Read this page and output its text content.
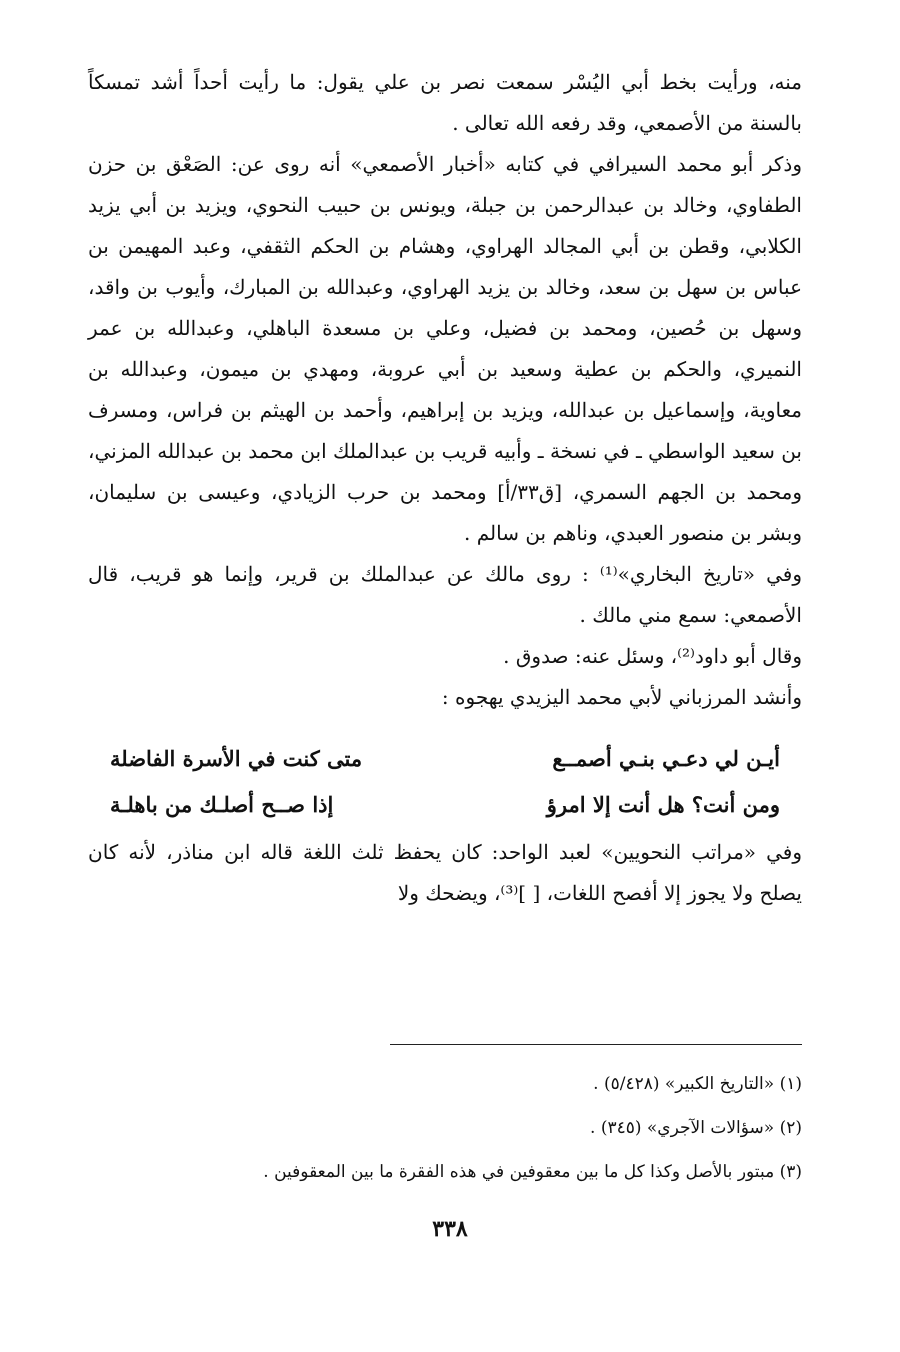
منه، ورأيت بخط أبي اليُسْر سمعت نصر بن علي يقول: ما رأيت أحداً أشد تمسكاً بالسنة من الأصمعي، وقد رفعه الله تعالى .

وذكر أبو محمد السيرافي في كتابه «أخبار الأصمعي» أنه روى عن: الصَعْق بن حزن الطفاوي، وخالد بن عبدالرحمن بن جبلة، ويونس بن حبيب النحوي، ويزيد بن أبي يزيد الكلابي، وقطن بن أبي المجالد الهراوي، وهشام بن الحكم الثقفي، وعبد المهيمن بن عباس بن سهل بن سعد، وخالد بن يزيد الهراوي، وعبدالله بن المبارك، وأيوب بن واقد، وسهل بن حُصين، ومحمد بن فضيل، وعلي بن مسعدة الباهلي، وعبدالله بن عمر النميري، والحكم بن عطية وسعيد بن أبي عروبة، ومهدي بن ميمون، وعبدالله بن معاوية، وإسماعيل بن عبدالله، ويزيد بن إبراهيم، وأحمد بن الهيثم بن فراس، ومسرف بن سعيد الواسطي ـ في نسخة ـ وأبيه قريب بن عبدالملك ابن محمد بن عبدالله المزني، ومحمد بن الجهم السمري، [ق٣٣/أ] ومحمد بن حرب الزيادي، وعيسى بن سليمان، وبشر بن منصور العبدي، وناهم بن سالم .

وفي «تاريخ البخاري»⁽¹⁾ : روى مالك عن عبدالملك بن قرير، وإنما هو قريب، قال الأصمعي: سمع مني مالك .

وقال أبو داود⁽²⁾، وسئل عنه: صدوق .

وأنشد المرزباني لأبي محمد اليزيدي يهجوه :

أيـن لي دعـي بنـي أصمــع
متى كنت في الأسرة الفاضلة
ومن أنت؟ هل أنت إلا امرؤ
إذا صــح أصلـك من باهلـة

وفي «مراتب النحويين» لعبد الواحد: كان يحفظ ثلث اللغة قاله ابن مناذر، لأنه كان يصلح ولا يجوز إلا أفصح اللغات، [ ]⁽³⁾، ويضحك ولا

(١) «التاريخ الكبير» (٥/٤٢٨) .

(٢) «سؤالات الآجري» (٣٤٥) .

(٣) مبتور بالأصل وكذا كل ما بين معقوفين في هذه الفقرة ما بين المعقوفين .

٣٣٨
